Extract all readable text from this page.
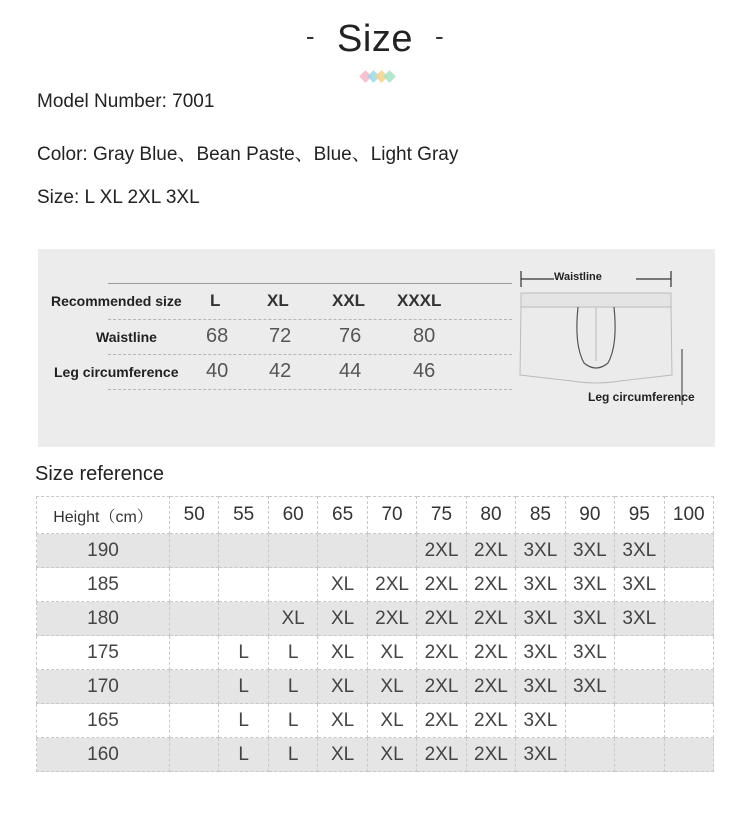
- Size -
Model Number: 7001
Color: Gray Blue、Bean Paste、Blue、Light Gray
Size: L XL 2XL 3XL
Recommended size L	XL	XXL XXXL
Waistline 68 72 76	80
Leg circumference 40 42 44	46
Waistline
Leg circumference
Size reference
Height（cm）	50	55	60	65	70	75	80	85	90	95	100
190						2XL	2XL	3XL	3XL	3XL	
185				XL	2XL	2XL	2XL	3XL	3XL	3XL	
180			XL	XL	2XL	2XL	2XL	3XL	3XL	3XL	
175		L	L	XL	XL	2XL	2XL	3XL	3XL		
170		L	L	XL	XL	2XL	2XL	3XL	3XL		
165		L	L	XL	XL	2XL	2XL	3XL			
160		L	L	XL	XL	2XL	2XL	3XL			
